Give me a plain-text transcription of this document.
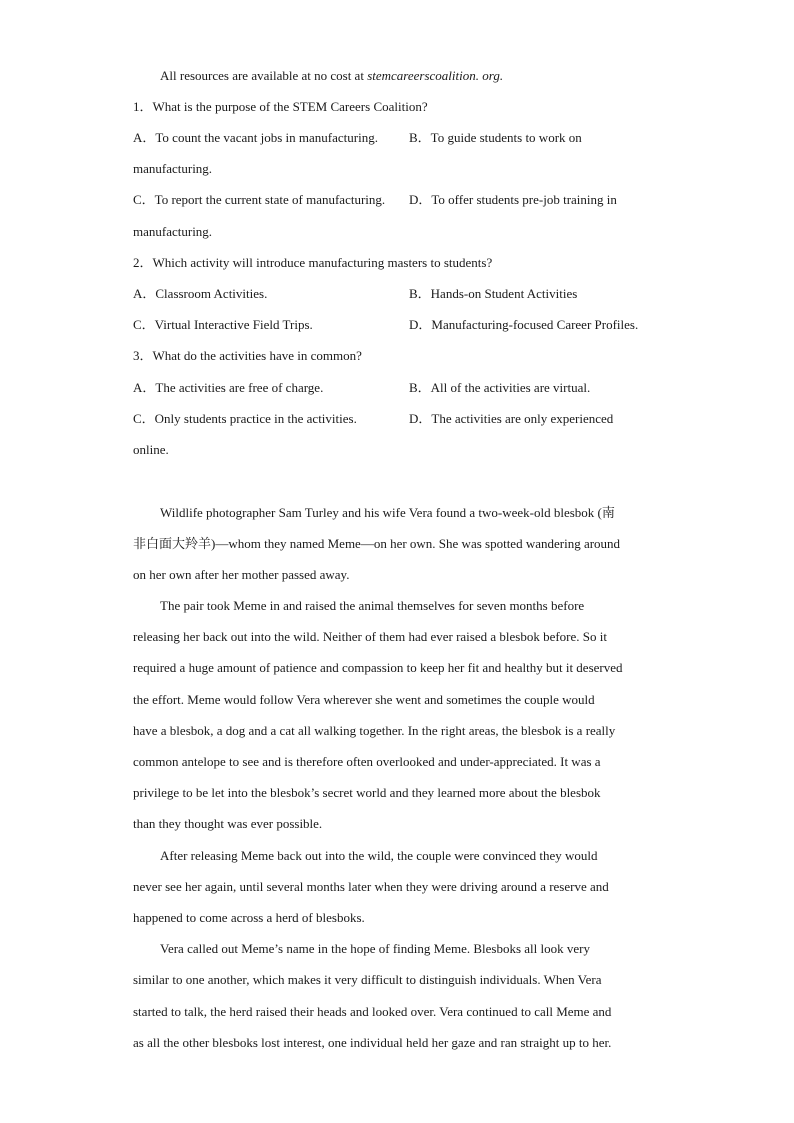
All resources are available at no cost at stemcareerscoalition. org.
1．What is the purpose of the STEM Careers Coalition?
A．To count the vacant jobs in manufacturing. B．To guide students to work on
manufacturing.
C．To report the current state of manufacturing. D．To offer students pre-job training in
manufacturing.
2．Which activity will introduce manufacturing masters to students?
A．Classroom Activities.	B．Hands-on Student Activities
C．Virtual Interactive Field Trips.	D．Manufacturing-focused Career Profiles.
3．What do the activities have in common?
A．The activities are free of charge.	B．All of the activities are virtual.
C．Only students practice in the activities.	D．The activities are only experienced
online.
Wildlife photographer Sam Turley and his wife Vera found a two-week-old blesbok (南
非白面大羚羊)—whom they named Meme—on her own. She was spotted wandering around
on her own after her mother passed away.
The pair took Meme in and raised the animal themselves for seven months before
releasing her back out into the wild. Neither of them had ever raised a blesbok before. So it
required a huge amount of patience and compassion to keep her fit and healthy but it deserved
the effort. Meme would follow Vera wherever she went and sometimes the couple would
have a blesbok, a dog and a cat all walking together. In the right areas, the blesbok is a really
common antelope to see and is therefore often overlooked and under-appreciated. It was a
privilege to be let into the blesbok’s secret world and they learned more about the blesbok
than they thought was ever possible.
After releasing Meme back out into the wild, the couple were convinced they would
never see her again, until several months later when they were driving around a reserve and
happened to come across a herd of blesboks.
Vera called out Meme’s name in the hope of finding Meme. Blesboks all look very
similar to one another, which makes it very difficult to distinguish individuals. When Vera
started to talk, the herd raised their heads and looked over. Vera continued to call Meme and
as all the other blesboks lost interest, one individual held her gaze and ran straight up to her.
